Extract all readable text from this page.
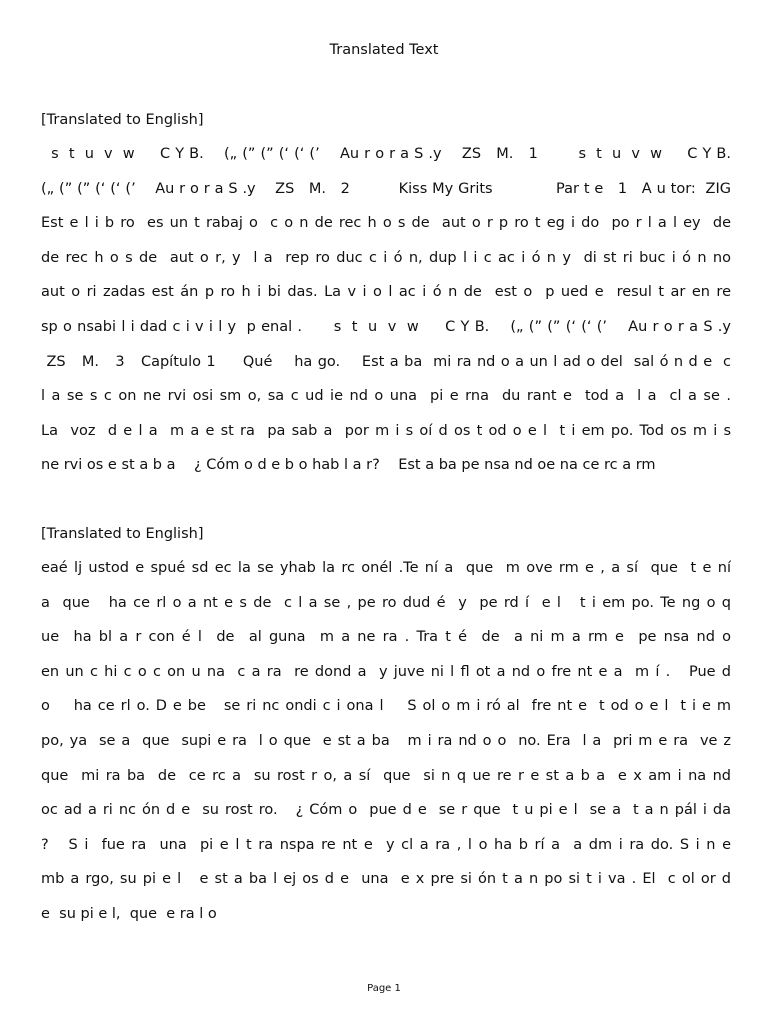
Translated Text
[Translated to English]
s  t  u  v  w     C Y B.    („ (” (” (‘ (‘ (’    Au r o r a S .y    ZS   M.   1        s  t  u  v  w     C Y B.
(„ (” (” (‘ (‘ (’    Au r o r a S .y    ZS   M.   2          Kiss My Grits             Par t e   1   A u tor:  ZIG
Est e l i b ro  es un t rabaj o  c o n de rec h o s de  aut o r p ro t eg i do  po r l a l ey  de
de rec h o s de  aut o r, y  l a  rep ro duc c i ó n, dup l i c ac i ó n y  di st ri buc i ó n no
aut o ri zadas est án p ro h i bi das. La v i o l ac i ó n de  est o  p ued e  resul t ar en re
sp o nsabi l i dad c i v i l y  p enal .      s  t  u  v  w     C Y B.    („ (” (” (‘ (‘ (’    Au r o r a S .y
ZS   M.   3   Capítulo 1     Qué    ha go.    Est a ba  mi ra nd o a un l ad o del  sal ó n d e  c
l a se s c on ne rvi osi sm o, sa c ud ie nd o una  pi e rna  du rant e  tod a  l a  cl a se .
La  voz  d e l a  m a e st ra  pa sab a  por m i s oí d os t od o e l  t i em po. Tod os m i s
ne rvi os e st a b a    ¿ Cóm o d e b o hab l a r?    Est a ba pe nsa nd oe na ce rc a rm
[Translated to English]
eaé lj ustod e spué sd ec la se yhab la rc onél .Te ní a  que  m ove rm e , a sí  que  t e ní
a  que   ha ce rl o a nt e s de  c l a se , pe ro dud é  y  pe rd í  e l   t i em po. Te ng o q
ue  ha bl a r con é l  de  al guna  m a ne ra . Tra t é  de  a ni m a rm e  pe nsa nd o
en un c hi c o c on u na  c a ra  re dond a  y juve ni l fl ot a nd o fre nt e a  m í .   Pue d
o    ha ce rl o. D e be   se ri nc ondi c i ona l    S ol o m i ró al  fre nt e  t od o e l  t i e m
po, ya  se a  que  supi e ra  l o que  e st a ba   m i ra nd o o  no. Era  l a  pri m e ra  ve z
que  mi ra ba  de  ce rc a  su rost r o, a sí  que  si n q ue re r e st a b a  e x am i na nd
oc ad a ri nc ón d e  su rost ro.   ¿ Cóm o  pue d e  se r que  t u pi e l  se a  t a n pál i da
?   S i  fue ra  una  pi e l t ra nspa re nt e  y cl a ra , l o ha b rí a  a dm i ra do. S i n e
mb a rgo, su pi e l   e st a ba l ej os d e  una  e x pre si ón t a n po si t i va . El  c ol or d
e  su pi e l,  que  e ra l o
Page 1
